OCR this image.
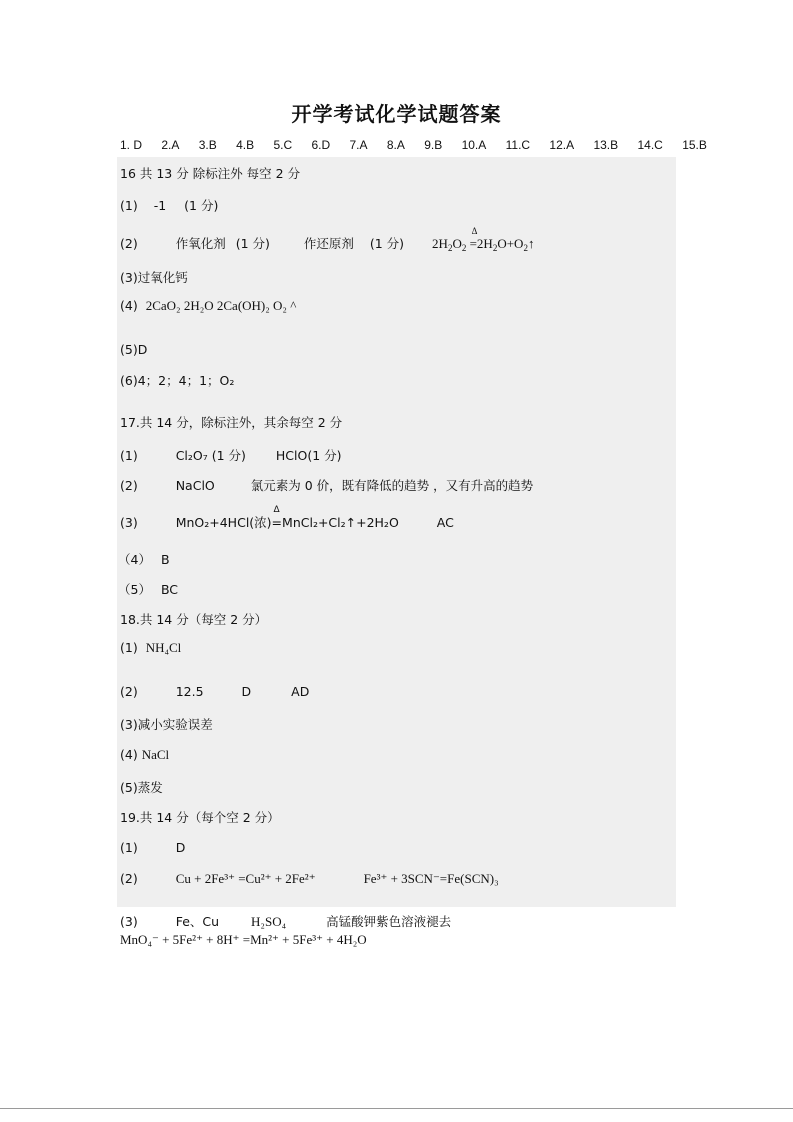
开学考试化学试题答案
1. D 2.A 3.B 4.B 5.C 6.D 7.A 8.A 9.B 10.A 11.C 12.A 13.B 14.C 15.B
16 共 13 分 除标注外 每空 2 分
(1) -1 (1 分)
(2)	作氧化剂 (1 分)	作还原剂 (1 分) $2H_2O_2$
Δ
$=2H_2O+O_2↑$
(3)过氧化钙
(4) 2CaO₂ 2H₂O 2Ca(OH)₂ O₂ ^
(5)D
(6)4；2；4；1；O₂
17.共 14 分，除标注外，其余每空 2 分
(1)	Cl₂O₇ (1 分) HClO(1 分)
(2)	NaClO	氯元素为 0 价，既有降低的趋势 ，又有升高的趋势
(3)	MnO₂+4HCl(浓)
Δ
=MnCl₂+Cl₂↑+2H₂O	AC
（4） B
（5） BC
18.共 14 分（每空 2 分）
(1) NH₄Cl
(2)	12.5	D	AD
(3)减小实验误差
(4) NaCl
(5)蒸发
19.共 14 分（每个空 2 分）
(1)	D
(2)	Cu + 2Fe³⁺ =Cu²⁺ + 2Fe²⁺	Fe³⁺ + 3SCN⁻=Fe(SCN)₃
(3)	Fe、Cu H₂SO₄	高锰酸钾紫色溶液褪去
MnO₄⁻ + 5Fe²⁺ + 8H⁺ =Mn²⁺ + 5Fe³⁺ + 4H₂O
